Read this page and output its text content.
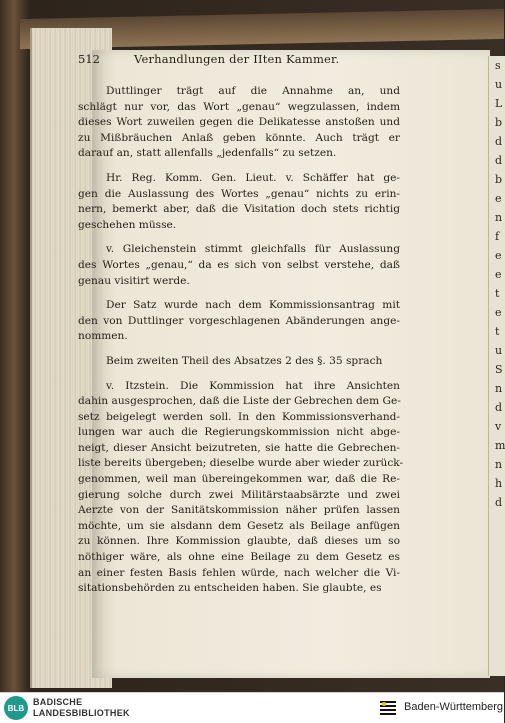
s
u
L
b
d
d
b
e
n
f
e
e
t
e
t
u
S
n
d
v
m
n
h
d
512	Verhandlungen der IIten Kammer.
Duttlinger trägt auf die Annahme an, und
schlägt nur vor, das Wort „genau“ wegzulassen, indem
dieses Wort zuweilen gegen die Delikatesse anstoßen und
zu Mißbräuchen Anlaß geben könnte. Auch trägt er
darauf an, statt allenfalls „jedenfalls“ zu setzen.
Hr. Reg. Komm. Gen. Lieut. v. Schäffer hat ge-
gen die Auslassung des Wortes „genau“ nichts zu erin-
nern, bemerkt aber, daß die Visitation doch stets richtig
geschehen müsse.
v. Gleichenstein stimmt gleichfalls für Auslassung
des Wortes „genau,“ da es sich von selbst verstehe, daß
genau visitirt werde.
Der Satz wurde nach dem Kommissionsantrag mit
den von Duttlinger vorgeschlagenen Abänderungen ange-
nommen.
Beim zweiten Theil des Absatzes 2 des §. 35 sprach
v. Itzstein. Die Kommission hat ihre Ansichten
dahin ausgesprochen, daß die Liste der Gebrechen dem Ge-
setz beigelegt werden soll. In den Kommissionsverhand-
lungen war auch die Regierungskommission nicht abge-
neigt, dieser Ansicht beizutreten, sie hatte die Gebrechen-
liste bereits übergeben; dieselbe wurde aber wieder zurück-
genommen, weil man übereingekommen war, daß die Re-
gierung solche durch zwei Militärstaabsärzte und zwei
Aerzte von der Sanitätskommission näher prüfen lassen
möchte, um sie alsdann dem Gesetz als Beilage anfügen
zu können. Ihre Kommission glaubte, daß dieses um so
nöthiger wäre, als ohne eine Beilage zu dem Gesetz es
an einer festen Basis fehlen würde, nach welcher die Vi-
sitationsbehörden zu entscheiden haben. Sie glaubte, es
BLB
BADISCHE
LANDESBIBLIOTHEK	Baden-Württemberg
